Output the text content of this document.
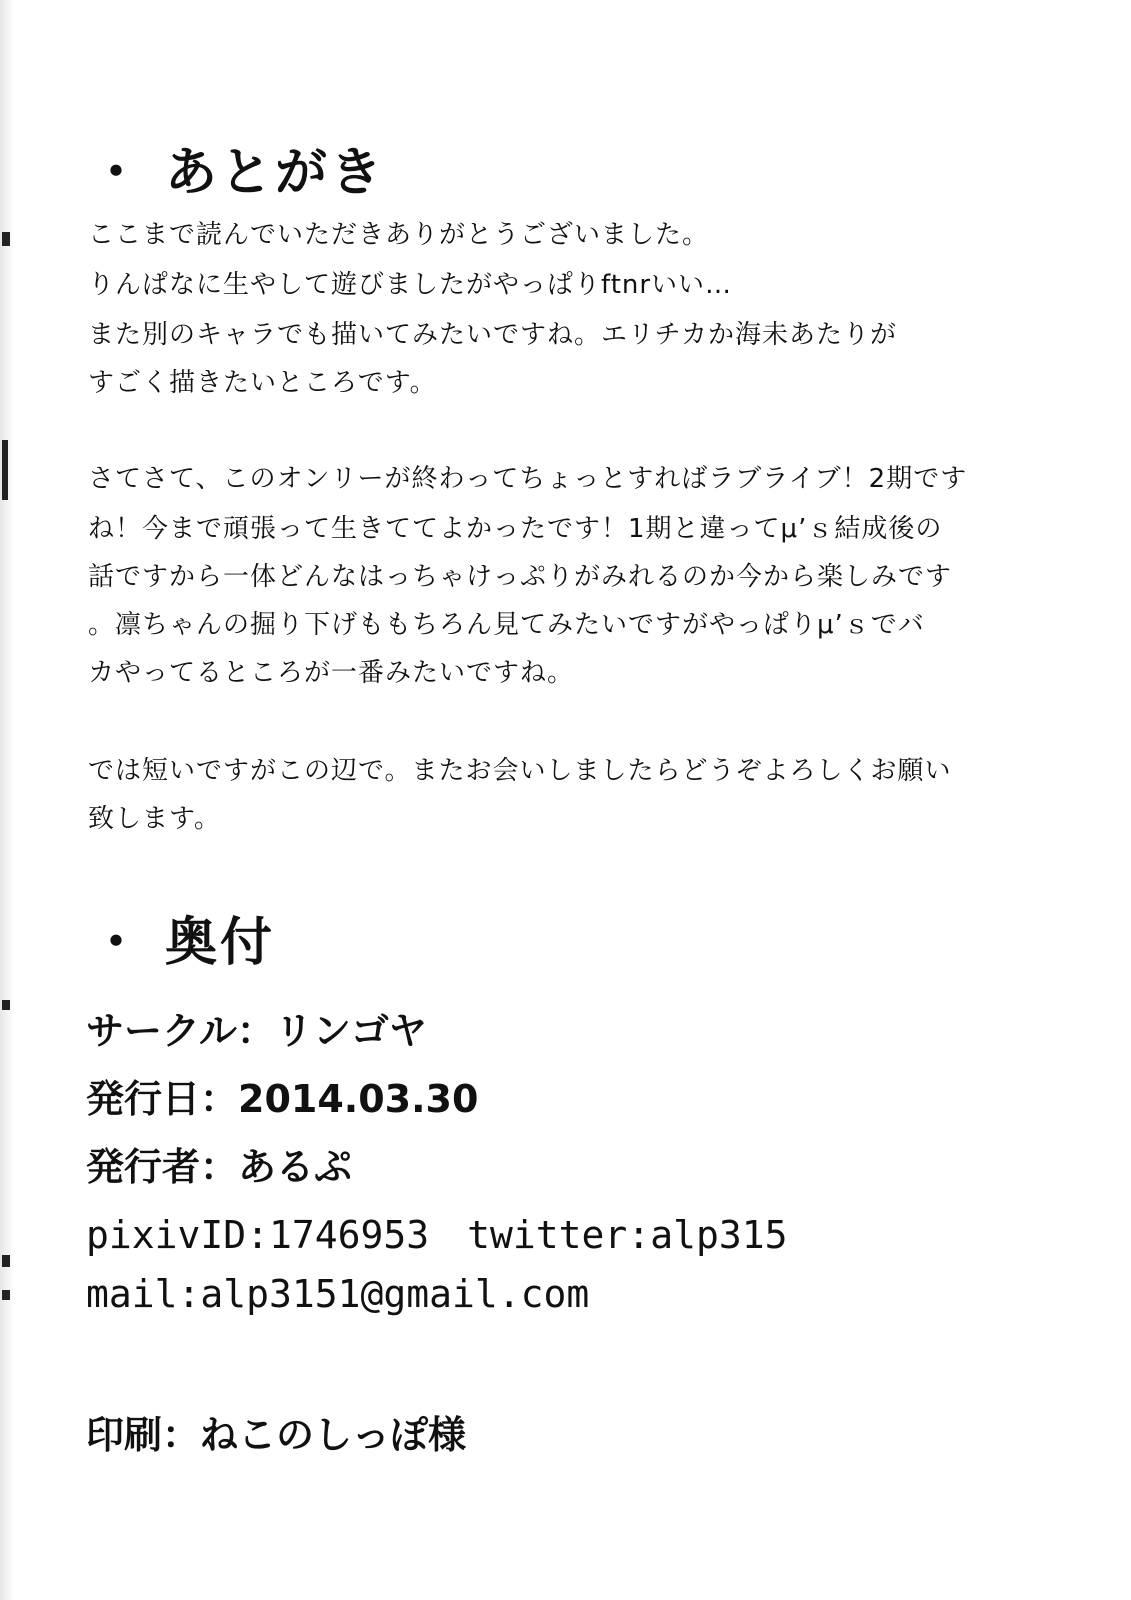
・ あとがき
ここまで読んでいただきありがとうございました。
りんぱなに生やして遊びましたがやっぱりftnrいい…
また別のキャラでも描いてみたいですね。エリチカか海未あたりが
すごく描きたいところです。
さてさて、このオンリーが終わってちょっとすればラブライブ！2期です
ね！今まで頑張って生きててよかったです！1期と違ってμ’ｓ結成後の
話ですから一体どんなはっちゃけっぷりがみれるのか今から楽しみです
。凛ちゃんの掘り下げももちろん見てみたいですがやっぱりμ’ｓでバ
カやってるところが一番みたいですね。
では短いですがこの辺で。またお会いしましたらどうぞよろしくお願い
致します。
・ 奥付
サークル：リンゴヤ
発行日：2014.03.30
発行者：あるぷ
pixivID:1746953　twitter:alp315
mail:alp3151@gmail.com
印刷：ねこのしっぽ様
